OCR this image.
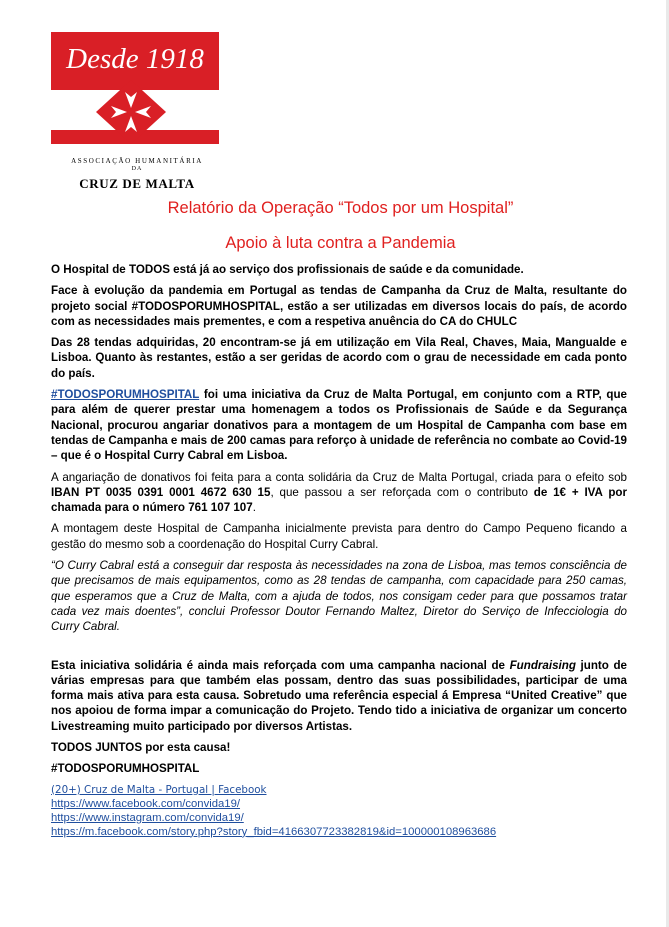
Desde 1918
ASSOCIAÇÃO HUMANITÁRIA
DA
CRUZ DE MALTA
Relatório da Operação “Todos por um Hospital”
Apoio à luta contra a Pandemia

O Hospital de TODOS está já ao serviço dos profissionais de saúde e da comunidade.

Face à evolução da pandemia em Portugal as tendas de Campanha da Cruz de Malta, resultante do projeto social #TODOSPORUMHOSPITAL, estão a ser utilizadas em diversos locais do país, de acordo com as necessidades mais prementes, e com a respetiva anuência do CA do CHULC

Das 28 tendas adquiridas, 20 encontram-se já em utilização em Vila Real, Chaves, Maia, Mangualde e Lisboa. Quanto às restantes, estão a ser geridas de acordo com o grau de necessidade em cada ponto do país.

#TODOSPORUMHOSPITAL foi uma iniciativa da Cruz de Malta Portugal, em conjunto com a RTP, que para além de querer prestar uma homenagem a todos os Profissionais de Saúde e da Segurança Nacional, procurou angariar donativos para a montagem de um Hospital de Campanha com base em tendas de Campanha e mais de 200 camas para reforço à unidade de referência no combate ao Covid-19 – que é o Hospital Curry Cabral em Lisboa.

A angariação de donativos foi feita para a conta solidária da Cruz de Malta Portugal, criada para o efeito sob IBAN PT 0035 0391 0001 4672 630 15, que passou a ser reforçada com o contributo de 1€ + IVA por chamada para o número 761 107 107.

A montagem deste Hospital de Campanha inicialmente prevista para dentro do Campo Pequeno ficando a gestão do mesmo sob a coordenação do Hospital Curry Cabral.

“O Curry Cabral está a conseguir dar resposta às necessidades na zona de Lisboa, mas temos consciência de que precisamos de mais equipamentos, como as 28 tendas de campanha, com capacidade para 250 camas, que esperamos que a Cruz de Malta, com a ajuda de todos, nos consigam ceder para que possamos tratar cada vez mais doentes”, conclui Professor Doutor Fernando Maltez, Diretor do Serviço de Infecciologia do Curry Cabral.

Esta iniciativa solidária é ainda mais reforçada com uma campanha nacional de Fundraising junto de várias empresas para que também elas possam, dentro das suas possibilidades, participar de uma forma mais ativa para esta causa. Sobretudo uma referência especial á Empresa “United Creative” que nos apoiou de forma impar a comunicação do Projeto. Tendo tido a iniciativa de organizar um concerto Livestreaming muito participado por diversos Artistas.

TODOS JUNTOS por esta causa!

#TODOSPORUMHOSPITAL

(20+) Cruz de Malta - Portugal | Facebook
https://www.facebook.com/convida19/
https://www.instagram.com/convida19/
https://m.facebook.com/story.php?story_fbid=4166307723382819&id=100000108963686
